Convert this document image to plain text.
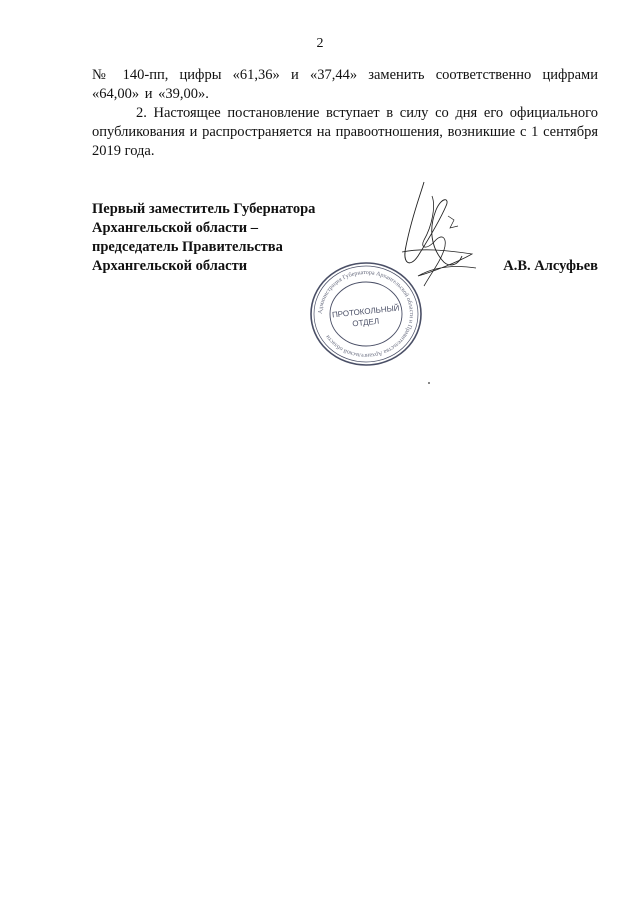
2

№ 140-пп, цифры «61,36» и «37,44» заменить соответственно цифрами «64,00» и «39,00».

2. Настоящее постановление вступает в силу со дня его официального опубликования и распространяется на правоотношения, возникшие с 1 сентября 2019 года.

Первый заместитель Губернатора
Архангельской области –
председатель Правительства
Архангельской области	А.В. Алсуфьев
Администрация Губернатора Архангельской области и Правительства Архангельской области
ПРОТОКОЛЬНЫЙ
ОТДЕЛ
